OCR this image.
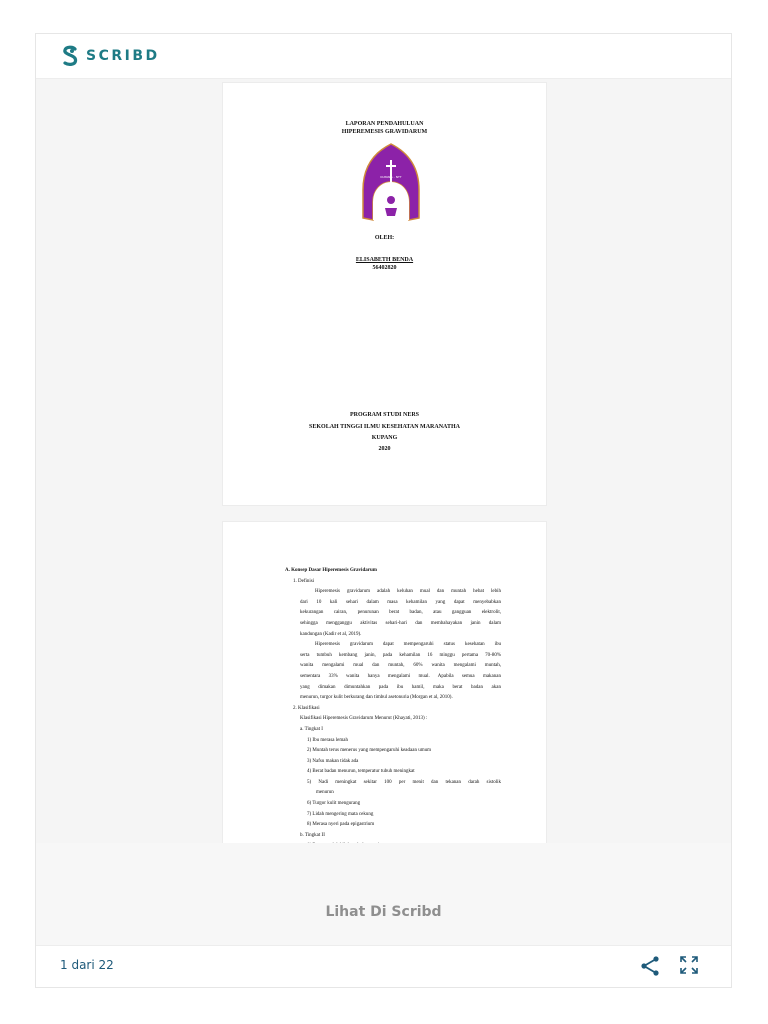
SCRIBD
LAPORAN PENDAHULUAN
HIPEREMESIS GRAVIDARUM
KUPANG - NTT
OLEH:
ELISABETH BENDA
56402820
PROGRAM STUDI NERS
SEKOLAH TINGGI ILMU KESEHATAN MARANATHA
KUPANG
2020
A. Konsep Dasar Hiperemesis Gravidarum
1. Definisi
Hiperemesis gravidarum adalah keluhan mual dan muntah hebat lebih
dari 10 kali sehari dalam masa kehamilan yang dapat menyebabkan
kekurangan cairan, penurunan berat badan, atau gangguan elektrolit,
sehingga mengganggu aktivitas sehari-hari dan membahayakan janin dalam
kandungan (Kadir et al, 2019).
Hiperemesis gravidarum dapat mempengaruhi status kesehatan ibu
serta tumbuh kembang janin, pada kehamilan 16 minggu pertama 70-80%
wanita mengalami mual dan muntah, 60% wanita mengalami muntah,
sementara 33% wanita hanya mengalami mual. Apabila semua makanan
yang dimakan dimuntahkan pada ibu hamil, maka berat badan akan
menurun, turgor kulit berkurang dan timbul asetonuria (Morgan et al, 2010).
2. Klasifikasi
Klasifikasi Hiperemesis Gravidarum Menurut (Khayati, 2013) :
a. Tingkat I
1) Ibu merasa lemah
2) Muntah terus menerus yang mempengaruhi keadaan umum
3) Nafsu makan tidak ada
4) Berat badan menurun, temperatur tubuh meningkat
5) Nadi meningkat sekitar 100 per menit dan tekanan darah sistolik
menurun
6) Turgor kulit mengurang
7) Lidah mengering mata cekung
8) Merasa nyeri pada epigastrium
b. Tingkat II
Lihat Di Scribd
1 dari 22
